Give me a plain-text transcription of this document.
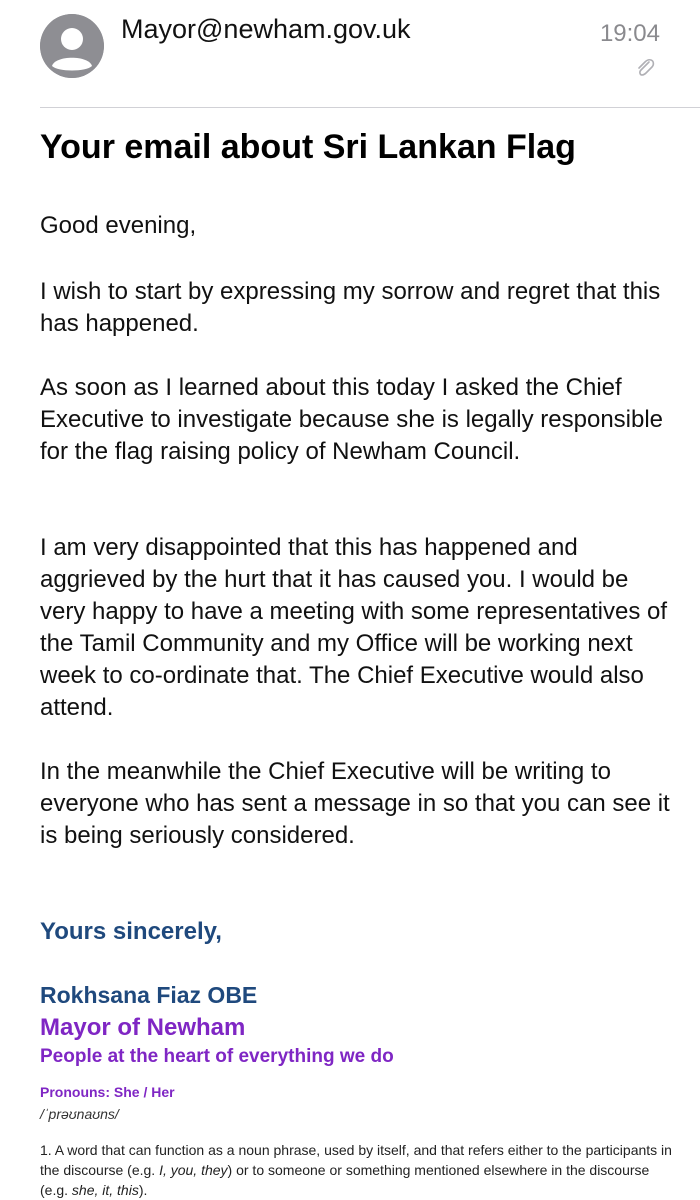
Mayor@newham.gov.uk	19:04
Your email about Sri Lankan Flag
Good evening,
I wish to start by expressing my sorrow and regret that this has happened.
As soon as I learned about this today I asked the Chief Executive to investigate because she is legally responsible for the flag raising policy of Newham Council.
I am very disappointed that this has happened and aggrieved by the hurt that it has caused you. I would be very happy to have a meeting with some representatives of the Tamil Community and my Office will be working next week to co-ordinate that. The Chief Executive would also attend.
In the meanwhile the Chief Executive will be writing to everyone who has sent a message in so that you can see it is being seriously considered.
Yours sincerely,
Rokhsana Fiaz OBE
Mayor of Newham
People at the heart of everything we do
Pronouns: She / Her
/ˈprəʊnaʊns/
1. A word that can function as a noun phrase, used by itself, and that refers either to the participants in the discourse (e.g. I, you, they) or to someone or something mentioned elsewhere in the discourse (e.g. she, it, this).
